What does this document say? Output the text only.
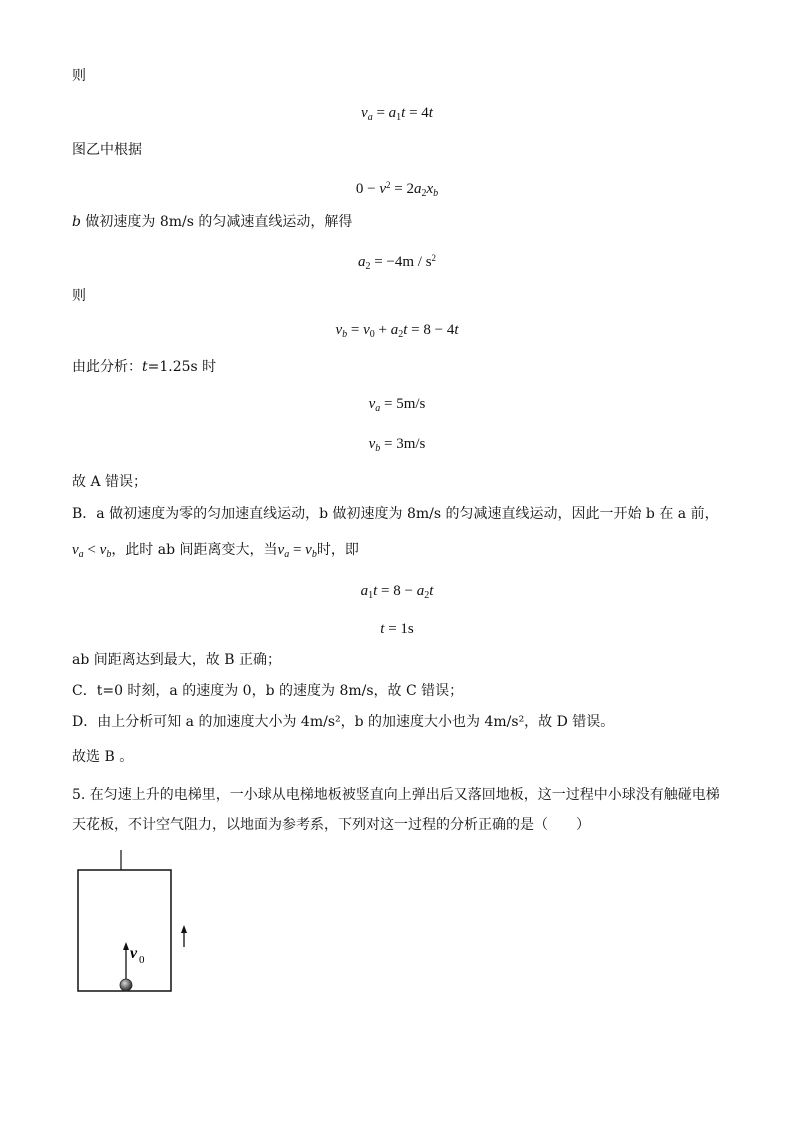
则
$v_a = a_1t = 4t$
图乙中根据
$0 - v^2 = 2a_2x_b$
b 做初速度为 8m/s 的匀减速直线运动，解得
$a_2 = -4m / s^2$
则
$v_b = v_0 + a_2t = 8 - 4t$
由此分析：t=1.25s 时
$v_a = 5m/s$
$v_b = 3m/s$
故 A 错误；
B．a 做初速度为零的匀加速直线运动，b 做初速度为 8m/s 的匀减速直线运动，因此一开始 b 在 a 前，
$v_a < v_b$，此时 ab 间距离变大，当$v_a = v_b$时，即
$a_1t = 8 - a_2t$
t = 1s
ab 间距离达到最大，故 B 正确；
C．t=0 时刻，a 的速度为 0，b 的速度为 8m/s，故 C 错误；
D．由上分析可知 a 的加速度大小为 4m/s²，b 的加速度大小也为 4m/s²，故 D 错误。
故选 B 。
5. 在匀速上升的电梯里，一小球从电梯地板被竖直向上弹出后又落回地板，这一过程中小球没有触碰电梯
天花板，不计空气阻力，以地面为参考系，下列对这一过程的分析正确的是（　　）
v 0
